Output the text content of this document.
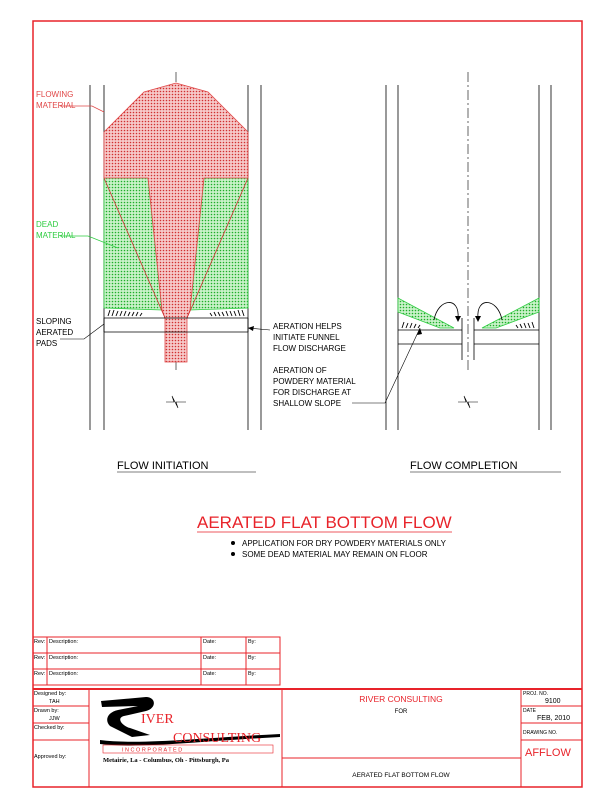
FLOWING
MATERIAL
DEAD
MATERIAL
SLOPING
AERATED
PADS
AERATION HELPS
INITIATE FUNNEL
FLOW DISCHARGE
AERATION OF
POWDERY MATERIAL
FOR DISCHARGE AT
SHALLOW SLOPE
FLOW INITIATION	FLOW COMPLETION
AERATED FLAT BOTTOM FLOW
APPLICATION FOR DRY POWDERY MATERIALS ONLY
SOME DEAD MATERIAL MAY REMAIN ON FLOOR
Rev: Description:	Date:	By:
Rev: Description:	Date:	By:
Rev: Description:	Date:	By:
Designed by:
TAH
Drawn by:
JJW
Checked by:
Approved by:
IVER
CONSULTING
I N C O R P O R A T E D
Metairie, La - Columbus, Oh - Pittsburgh, Pa
RIVER CONSULTING
FOR
AERATED FLAT BOTTOM FLOW
PROJ. NO.
9100
DATE
FEB, 2010
DRAWING NO.
AFFLOW
